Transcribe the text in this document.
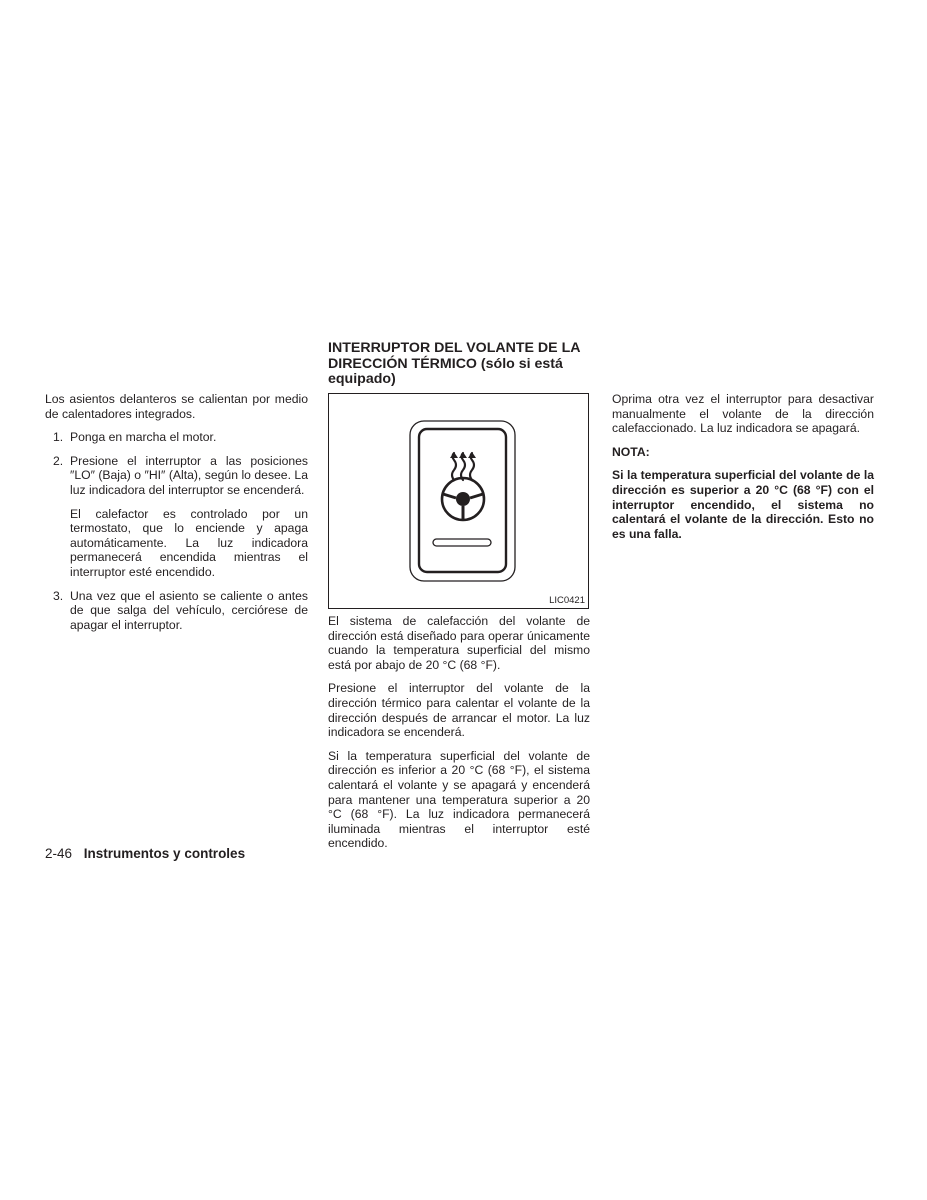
Los asientos delanteros se calientan por medio de calentadores integrados.

1. Ponga en marcha el motor.

2. Presione el interruptor a las posiciones ″LO″ (Baja) o ″HI″ (Alta), según lo desee. La luz indicadora del interruptor se encenderá.

El calefactor es controlado por un termostato, que lo enciende y apaga automáticamente. La luz indicadora permanecerá encendida mientras el interruptor esté encendido.

3. Una vez que el asiento se caliente o antes de que salga del vehículo, cerciórese de apagar el interruptor.

INTERRUPTOR DEL VOLANTE DE LA DIRECCIÓN TÉRMICO (sólo si está equipado)
LIC0421

El sistema de calefacción del volante de dirección está diseñado para operar únicamente cuando la temperatura superficial del mismo está por abajo de 20 °C (68 °F).

Presione el interruptor del volante de la dirección térmico para calentar el volante de la dirección después de arrancar el motor. La luz indicadora se encenderá.

Si la temperatura superficial del volante de dirección es inferior a 20 °C (68 °F), el sistema calentará el volante y se apagará y encenderá para mantener una temperatura superior a 20 °C (68 °F). La luz indicadora permanecerá iluminada mientras el interruptor esté encendido.

Oprima otra vez el interruptor para desactivar manualmente el volante de la dirección calefaccionado. La luz indicadora se apagará.

NOTA:

Si la temperatura superficial del volante de la dirección es superior a 20 °C (68 °F) con el interruptor encendido, el sistema no calentará el volante de la dirección. Esto no es una falla.

2-46 Instrumentos y controles
